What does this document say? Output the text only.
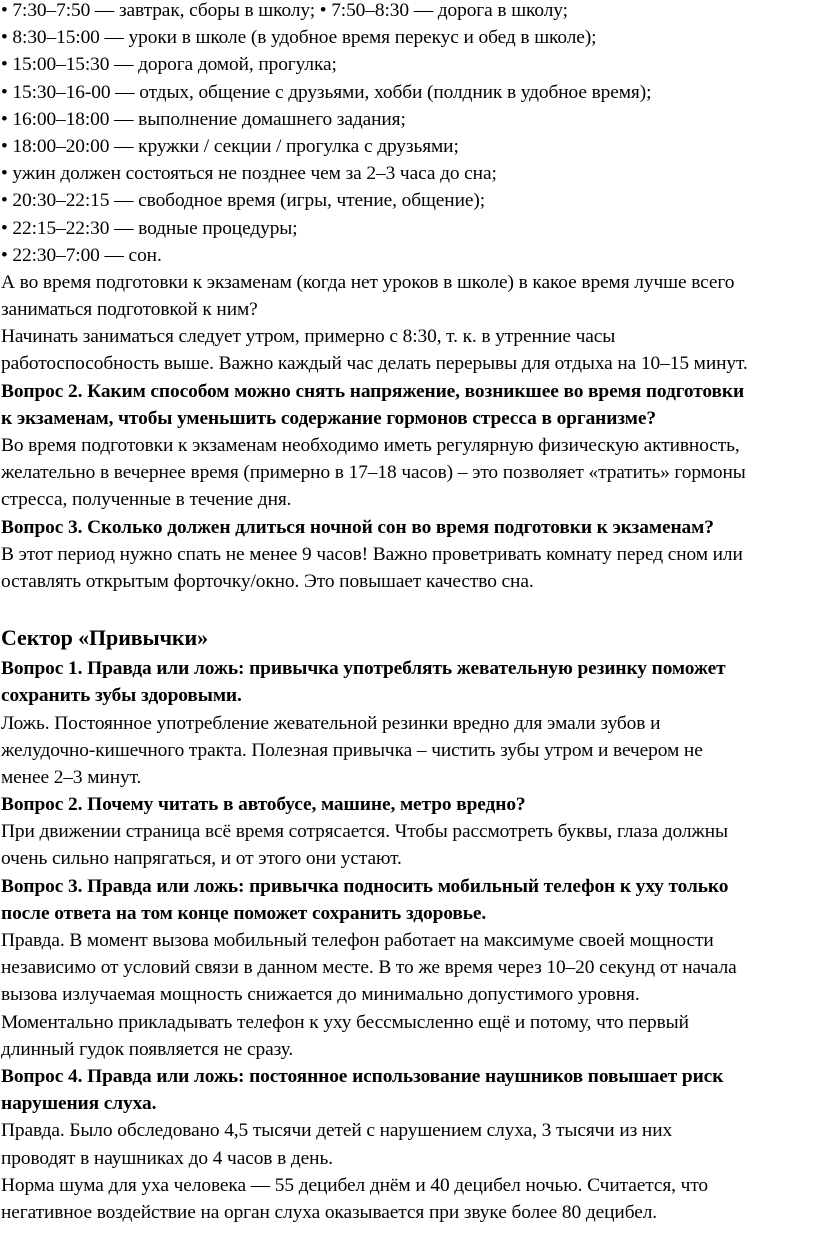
• 7:30–7:50 — завтрак, сборы в школу; • 7:50–8:30 — дорога в школу;
• 8:30–15:00 — уроки в школе (в удобное время перекус и обед в школе);
• 15:00–15:30 — дорога домой, прогулка;
• 15:30–16-00 — отдых, общение с друзьями, хобби (полдник в удобное время);
• 16:00–18:00 — выполнение домашнего задания;
• 18:00–20:00 — кружки / секции / прогулка с друзьями;
• ужин должен состояться не позднее чем за 2–3 часа до сна;
• 20:30–22:15 — свободное время (игры, чтение, общение);
• 22:15–22:30 — водные процедуры;
• 22:30–7:00 — сон.
А во время подготовки к экзаменам (когда нет уроков в школе) в какое время лучше всего
заниматься подготовкой к ним?
Начинать заниматься следует утром, примерно с 8:30, т. к. в утренние часы
работоспособность выше. Важно каждый час делать перерывы для отдыха на 10–15 минут.
Вопрос 2. Каким способом можно снять напряжение, возникшее во время подготовки
к экзаменам, чтобы уменьшить содержание гормонов стресса в организме?
Во время подготовки к экзаменам необходимо иметь регулярную физическую активность,
желательно в вечернее время (примерно в 17–18 часов) – это позволяет «тратить» гормоны
стресса, полученные в течение дня.
Вопрос 3. Сколько должен длиться ночной сон во время подготовки к экзаменам?
В этот период нужно спать не менее 9 часов! Важно проветривать комнату перед сном или
оставлять открытым форточку/окно. Это повышает качество сна.
Сектор «Привычки»
Вопрос 1. Правда или ложь: привычка употреблять жевательную резинку поможет
сохранить зубы здоровыми.
Ложь. Постоянное употребление жевательной резинки вредно для эмали зубов и
желудочно-кишечного тракта. Полезная привычка – чистить зубы утром и вечером не
менее 2–3 минут.
Вопрос 2. Почему читать в автобусе, машине, метро вредно?
При движении страница всё время сотрясается. Чтобы рассмотреть буквы, глаза должны
очень сильно напрягаться, и от этого они устают.
Вопрос 3. Правда или ложь: привычка подносить мобильный телефон к уху только
после ответа на том конце поможет сохранить здоровье.
Правда. В момент вызова мобильный телефон работает на максимуме своей мощности
независимо от условий связи в данном месте. В то же время через 10–20 секунд от начала
вызова излучаемая мощность снижается до минимально допустимого уровня.
Моментально прикладывать телефон к уху бессмысленно ещё и потому, что первый
длинный гудок появляется не сразу.
Вопрос 4. Правда или ложь: постоянное использование наушников повышает риск
нарушения слуха.
Правда. Было обследовано 4,5 тысячи детей с нарушением слуха, 3 тысячи из них
проводят в наушниках до 4 часов в день.
Норма шума для уха человека — 55 децибел днём и 40 децибел ночью. Считается, что
негативное воздействие на орган слуха оказывается при звуке более 80 децибел.
